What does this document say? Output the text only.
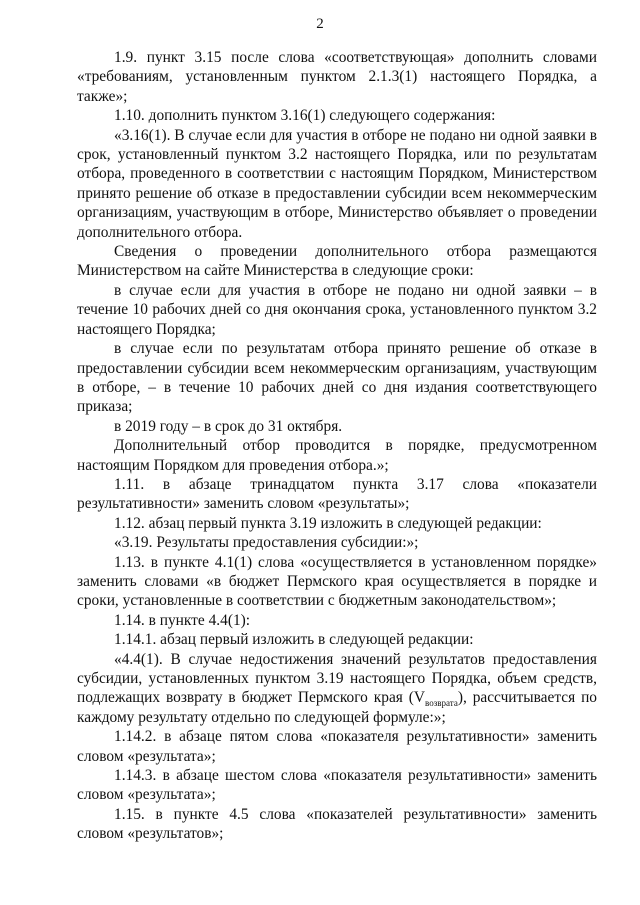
2

1.9. пункт 3.15 после слова «соответствующая» дополнить словами «требованиям, установленным пунктом 2.1.3(1) настоящего Порядка, а также»;

1.10. дополнить пунктом 3.16(1) следующего содержания:

«3.16(1). В случае если для участия в отборе не подано ни одной заявки в срок, установленный пунктом 3.2 настоящего Порядка, или по результатам отбора, проведенного в соответствии с настоящим Порядком, Министерством принято решение об отказе в предоставлении субсидии всем некоммерческим организациям, участвующим в отборе, Министерство объявляет о проведении дополнительного отбора.

Сведения о проведении дополнительного отбора размещаются Министерством на сайте Министерства в следующие сроки:

в случае если для участия в отборе не подано ни одной заявки – в течение 10 рабочих дней со дня окончания срока, установленного пунктом 3.2 настоящего Порядка;

в случае если по результатам отбора принято решение об отказе в предоставлении субсидии всем некоммерческим организациям, участвующим в отборе, – в течение 10 рабочих дней со дня издания соответствующего приказа;

в 2019 году – в срок до 31 октября.

Дополнительный отбор проводится в порядке, предусмотренном настоящим Порядком для проведения отбора.»;

1.11. в абзаце тринадцатом пункта 3.17 слова «показатели результативности» заменить словом «результаты»;

1.12. абзац первый пункта 3.19 изложить в следующей редакции:

«3.19. Результаты предоставления субсидии:»;

1.13. в пункте 4.1(1) слова «осуществляется в установленном порядке» заменить словами «в бюджет Пермского края осуществляется в порядке и сроки, установленные в соответствии с бюджетным законодательством»;

1.14. в пункте 4.4(1):

1.14.1. абзац первый изложить в следующей редакции:

«4.4(1). В случае недостижения значений результатов предоставления субсидии, установленных пунктом 3.19 настоящего Порядка, объем средств, подлежащих возврату в бюджет Пермского края $(V_{возврата})$, рассчитывается по каждому результату отдельно по следующей формуле:»;

1.14.2. в абзаце пятом слова «показателя результативности» заменить словом «результата»;

1.14.3. в абзаце шестом слова «показателя результативности» заменить словом «результата»;

1.15. в пункте 4.5 слова «показателей результативности» заменить словом «результатов»;
